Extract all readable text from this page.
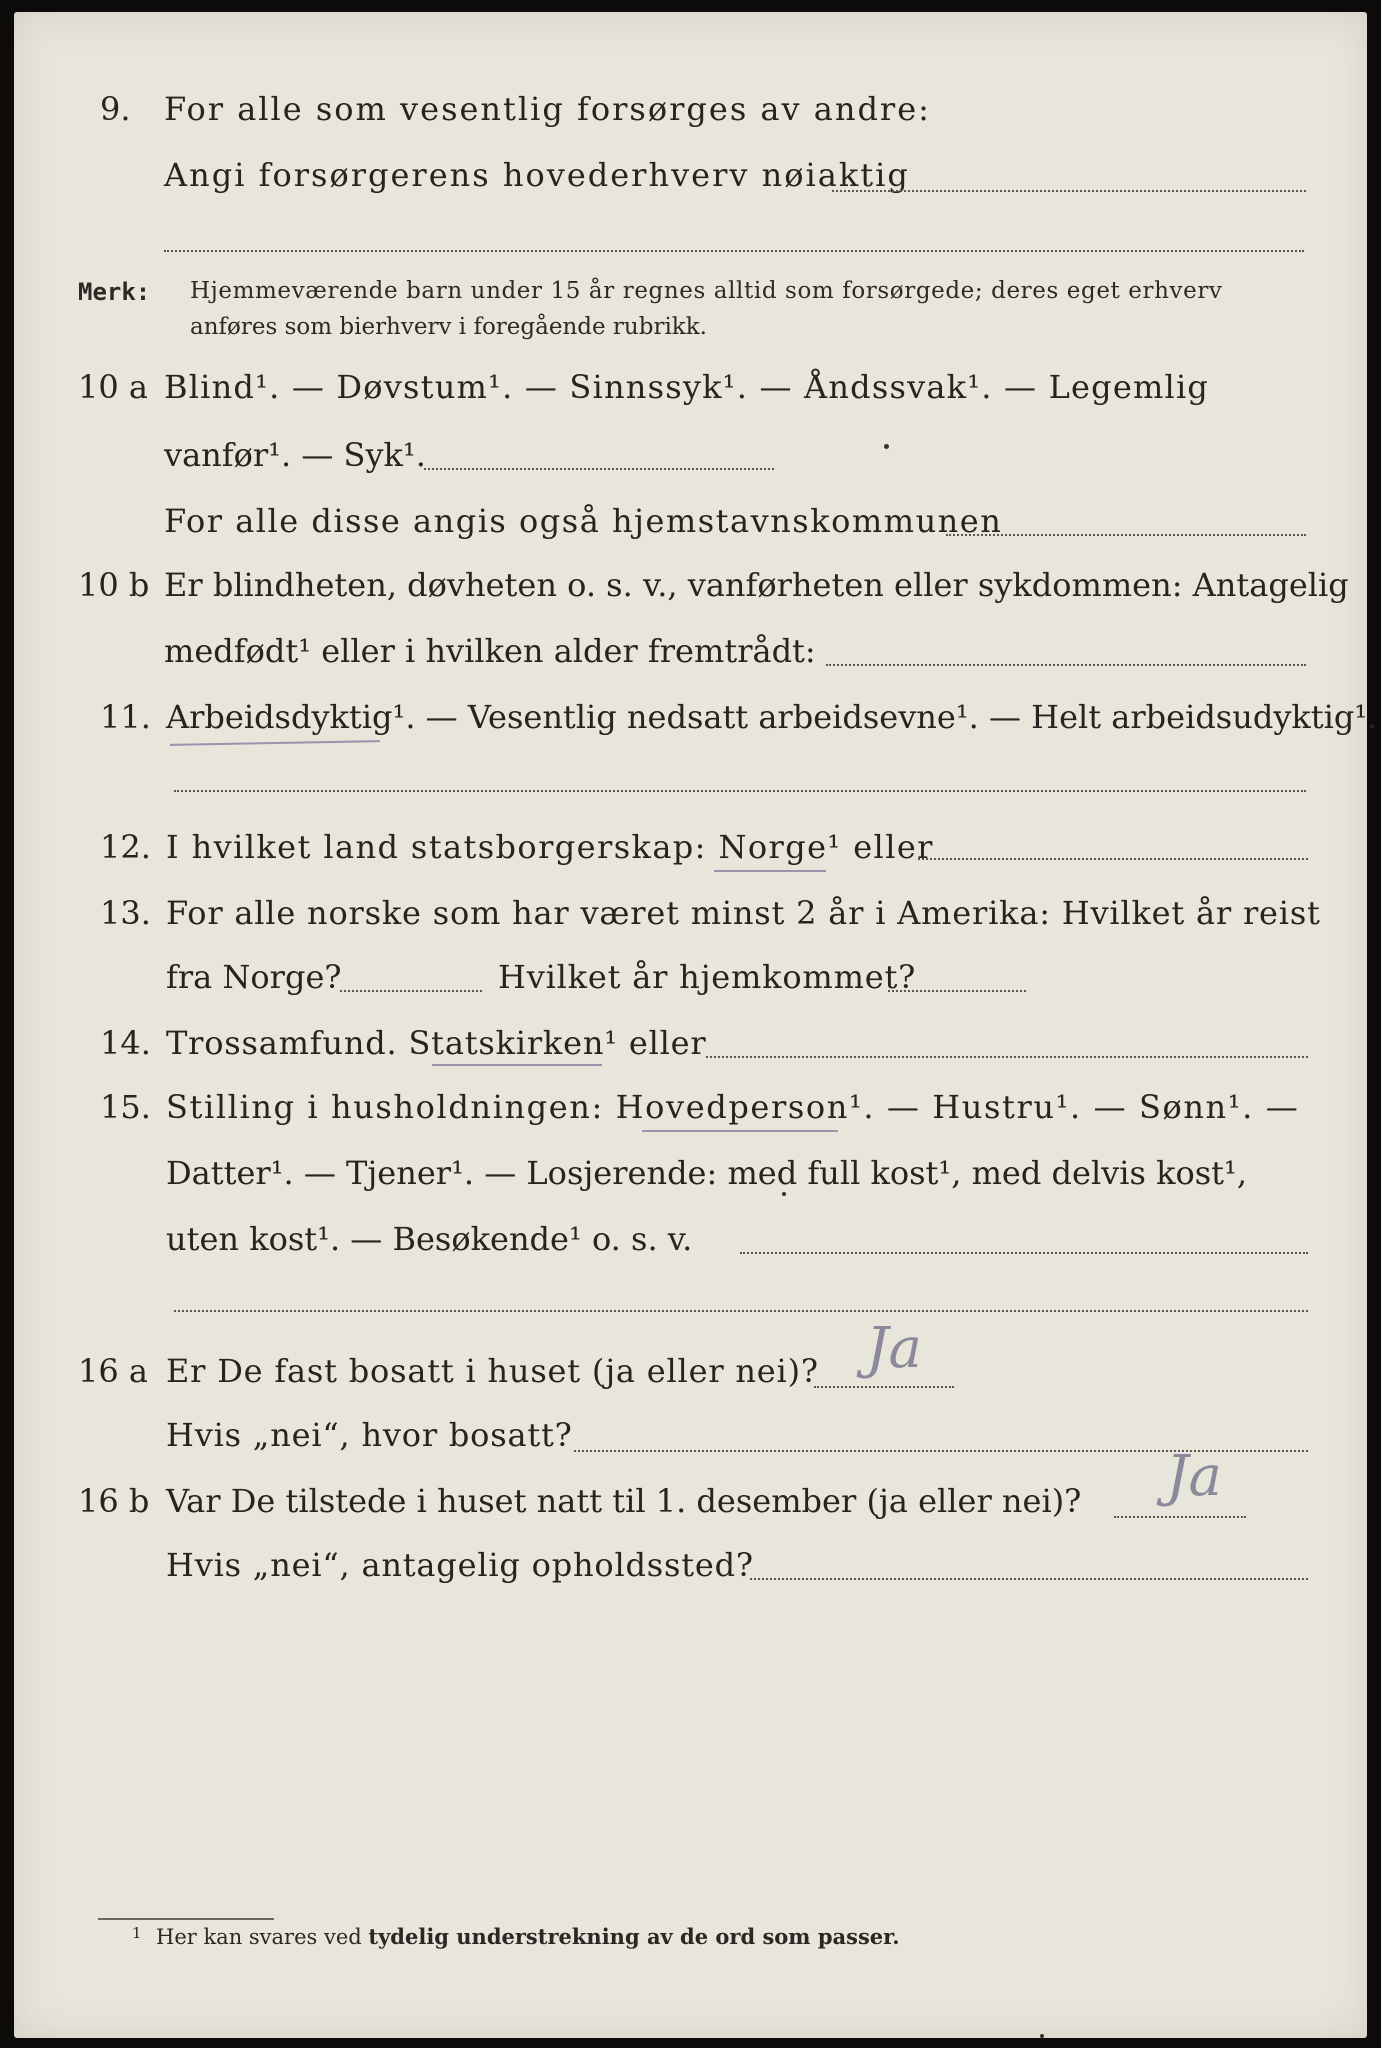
9. For alle som vesentlig forsørges av andre:
Angi forsørgerens hovederhverv nøiaktig
Merk: Hjemmeværende barn under 15 år regnes alltid som forsørgede; deres eget erhverv
anføres som bierhverv i foregående rubrikk.
10 a Blind¹. — Døvstum¹. — Sinnssyk¹. — Åndssvak¹. — Legemlig
vanfør¹. — Syk¹.
For alle disse angis også hjemstavnskommunen
10 b Er blindheten, døvheten o. s. v., vanførheten eller sykdommen: Antagelig
medfødt¹ eller i hvilken alder fremtrådt:
11. Arbeidsdyktig¹. — Vesentlig nedsatt arbeidsevne¹. — Helt arbeidsudyktig¹.
12. I hvilket land statsborgerskap: Norge¹ eller
13. For alle norske som har været minst 2 år i Amerika: Hvilket år reist
fra Norge?	Hvilket år hjemkommet?
14. Trossamfund. Statskirken¹ eller
15. Stilling i husholdningen: Hovedperson¹. — Hustru¹. — Sønn¹. —
Datter¹. — Tjener¹. — Losjerende: med full kost¹, med delvis kost¹,
uten kost¹. — Besøkende¹ o. s. v.
16 a Er De fast bosatt i huset (ja eller nei)? Ja
Hvis „nei“, hvor bosatt?
16 b Var De tilstede i huset natt til 1. desember (ja eller nei)? Ja
Hvis „nei“, antagelig opholdssted?
1 Her kan svares ved tydelig understrekning av de ord som passer.
